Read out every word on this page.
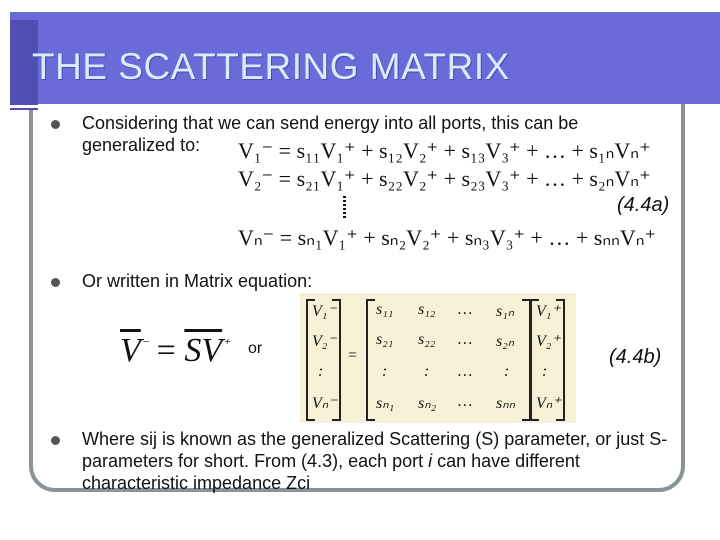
THE SCATTERING MATRIX
Considering that we can send energy into all ports, this can be generalized to:	V₁⁻ = s₁₁V₁⁺ + s₁₂V₂⁺ + s₁₃V₃⁺ + … + s₁ₙVₙ⁺
V₂⁻ = s₂₁V₁⁺ + s₂₂V₂⁺ + s₂₃V₃⁺ + … + s₂ₙVₙ⁺
Vₙ⁻ = sₙ₁V₁⁺ + sₙ₂V₂⁺ + sₙ₃V₃⁺ + … + sₙₙVₙ⁺
(4.4a)
Or written in Matrix equation:
$\overline{V}^{^-} = \overline{SV}^{^+}$ or
V₁⁻
V₂⁻
:
Vₙ⁻
=
s₁₁ s₁₂ … s₁ₙ
s₂₁ s₂₂ … s₂ₙ
: : … :
sₙ₁ sₙ₂ … sₙₙ
V₁⁺
V₂⁺
:
Vₙ⁺
(4.4b)
Where sij is known as the generalized Scattering (S) parameter, or just S-parameters for short. From (4.3), each port i can have different characteristic impedance Zci
